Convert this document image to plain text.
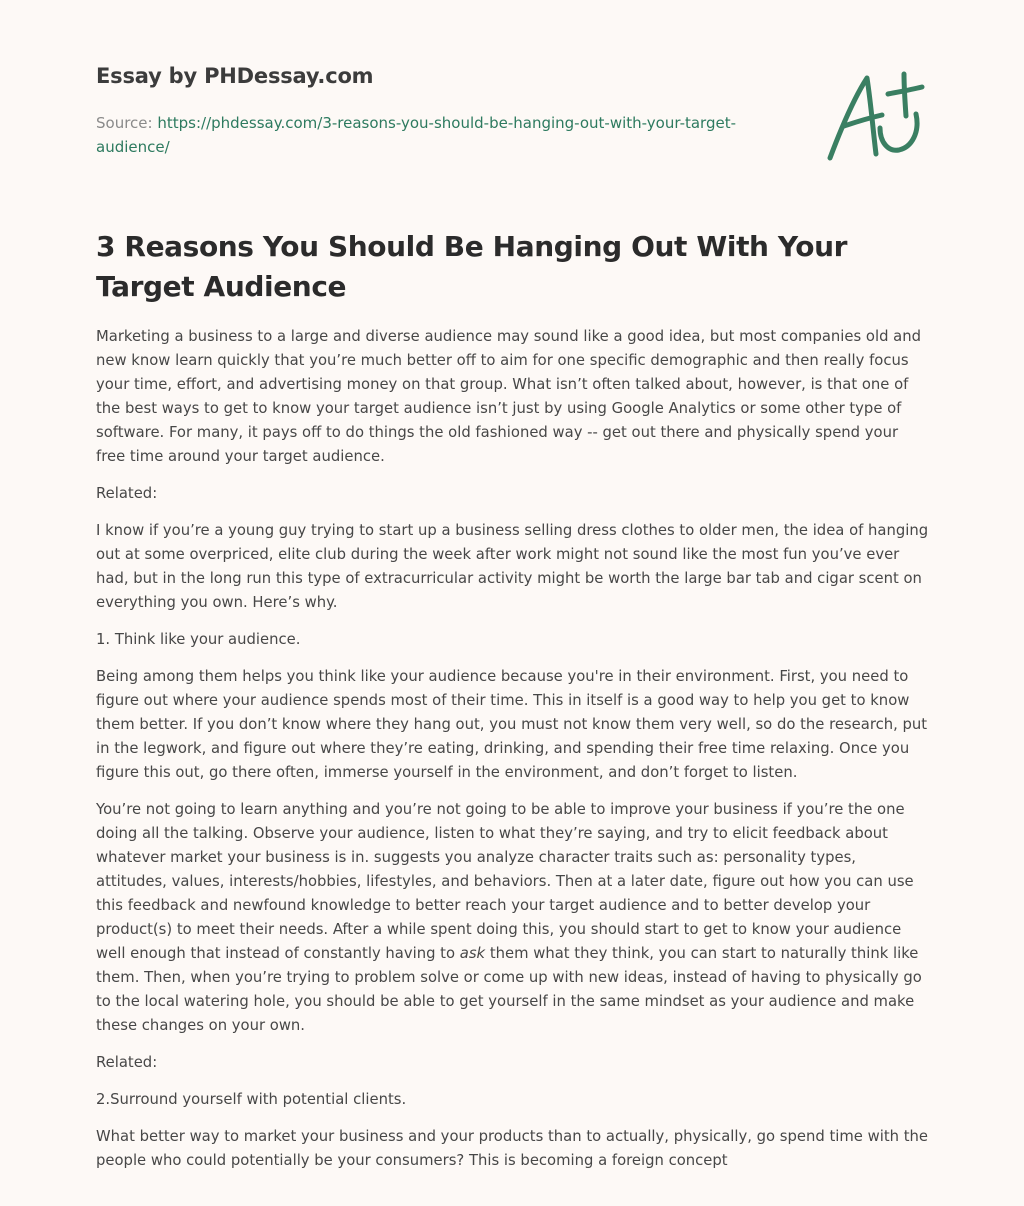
Essay by PHDessay.com
Source: https://phdessay.com/3-reasons-you-should-be-hanging-out-with-your-target-audience/
3 Reasons You Should Be Hanging Out With Your Target Audience

Marketing a business to a large and diverse audience may sound like a good idea, but most companies old and new know learn quickly that you’re much better off to aim for one specific demographic and then really focus your time, effort, and advertising money on that group. What isn’t often talked about, however, is that one of the best ways to get to know your target audience isn’t just by using Google Analytics or some other type of software. For many, it pays off to do things the old fashioned way -- get out there and physically spend your free time around your target audience.

Related:

I know if you’re a young guy trying to start up a business selling dress clothes to older men, the idea of hanging out at some overpriced, elite club during the week after work might not sound like the most fun you’ve ever had, but in the long run this type of extracurricular activity might be worth the large bar tab and cigar scent on everything you own. Here’s why.

1. Think like your audience.

Being among them helps you think like your audience because you're in their environment. First, you need to figure out where your audience spends most of their time. This in itself is a good way to help you get to know them better. If you don’t know where they hang out, you must not know them very well, so do the research, put in the legwork, and figure out where they’re eating, drinking, and spending their free time relaxing. Once you figure this out, go there often, immerse yourself in the environment, and don’t forget to listen.

You’re not going to learn anything and you’re not going to be able to improve your business if you’re the one doing all the talking. Observe your audience, listen to what they’re saying, and try to elicit feedback about whatever market your business is in. suggests you analyze character traits such as: personality types, attitudes, values, interests/hobbies, lifestyles, and behaviors. Then at a later date, figure out how you can use this feedback and newfound knowledge to better reach your target audience and to better develop your product(s) to meet their needs. After a while spent doing this, you should start to get to know your audience well enough that instead of constantly having to ask them what they think, you can start to naturally think like them. Then, when you’re trying to problem solve or come up with new ideas, instead of having to physically go to the local watering hole, you should be able to get yourself in the same mindset as your audience and make these changes on your own.

Related:

2.Surround yourself with potential clients.

What better way to market your business and your products than to actually, physically, go spend time with the people who could potentially be your consumers? This is becoming a foreign concept
